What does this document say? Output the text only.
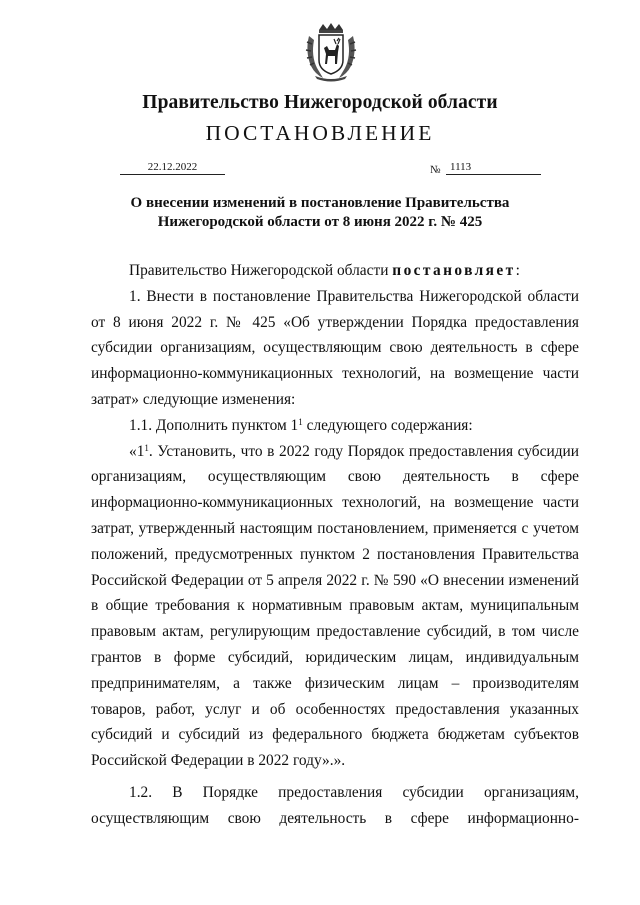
Правительство Нижегородской области
ПОСТАНОВЛЕНИЕ
22.12.2022	№ 1113
О внесении изменений в постановление Правительства
Нижегородской области от 8 июня 2022 г. № 425

Правительство Нижегородской области постановляет:

1. Внести в постановление Правительства Нижегородской области от 8 июня 2022 г. № 425 «Об утверждении Порядка предоставления субсидии организациям, осуществляющим свою деятельность в сфере информационно-коммуникационных технологий, на возмещение части затрат» следующие изменения:

1.1. Дополнить пунктом $1^1$ следующего содержания:

«$1^1$. Установить, что в 2022 году Порядок предоставления субсидии организациям, осуществляющим свою деятельность в сфере информационно-коммуникационных технологий, на возмещение части затрат, утвержденный настоящим постановлением, применяется с учетом положений, предусмотренных пунктом 2 постановления Правительства Российской Федерации от 5 апреля 2022 г. № 590 «О внесении изменений в общие требования к нормативным правовым актам, муниципальным правовым актам, регулирующим предоставление субсидий, в том числе грантов в форме субсидий, юридическим лицам, индивидуальным предпринимателям, а также физическим лицам – производителям товаров, работ, услуг и об особенностях предоставления указанных субсидий и субсидий из федерального бюджета бюджетам субъектов Российской Федерации в 2022 году».».

1.2. В Порядке предоставления субсидии организациям, осуществляющим свою деятельность в сфере информационно-
